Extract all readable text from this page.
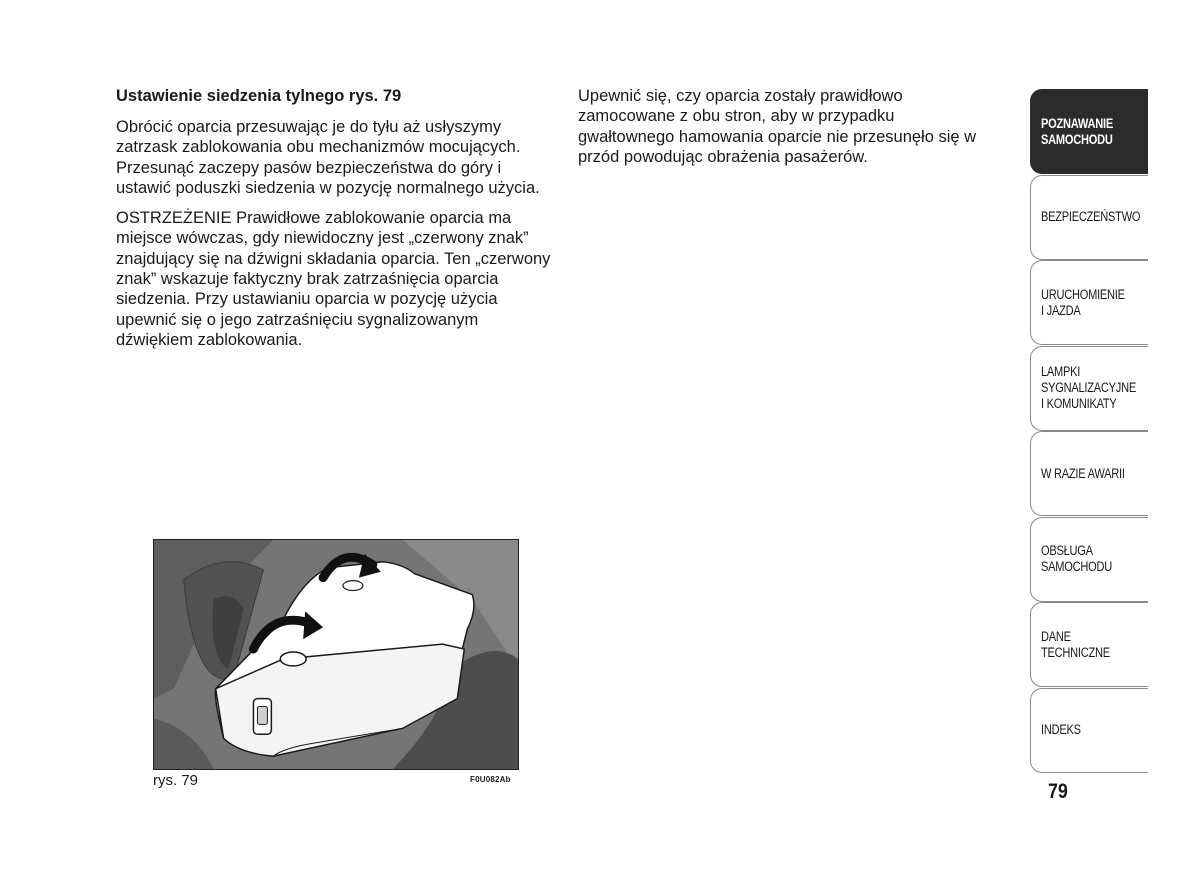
Ustawienie siedzenia tylnego rys. 79

Obrócić oparcia przesuwając je do tyłu aż usłyszymy zatrzask zablokowania obu mechanizmów mocujących. Przesunąć zaczepy pasów bezpieczeństwa do góry i ustawić poduszki siedzenia w pozycję normalnego użycia.

OSTRZEŻENIE Prawidłowe zablokowanie oparcia ma miejsce wówczas, gdy niewidoczny jest „czerwony znak” znajdujący się na dźwigni składania oparcia. Ten „czerwony znak” wskazuje faktyczny brak zatrzaśnięcia oparcia siedzenia. Przy ustawianiu oparcia w pozycję użycia upewnić się o jego zatrzaśnięciu sygnalizowanym dźwiękiem zablokowania.

Upewnić się, czy oparcia zostały prawidłowo zamocowane z obu stron, aby w przypadku gwałtownego hamowania oparcie nie przesunęło się w przód powodując obrażenia pasażerów.

rys. 79	F0U082Ab
POZNAWANIE
SAMOCHODU
BEZPIECZEŃSTWO
URUCHOMIENIE
I JAZDA
LAMPKI
SYGNALIZACYJNE
I KOMUNIKATY
W RAZIE AWARII
OBSŁUGA
SAMOCHODU
DANE
TECHNICZNE
INDEKS
79
